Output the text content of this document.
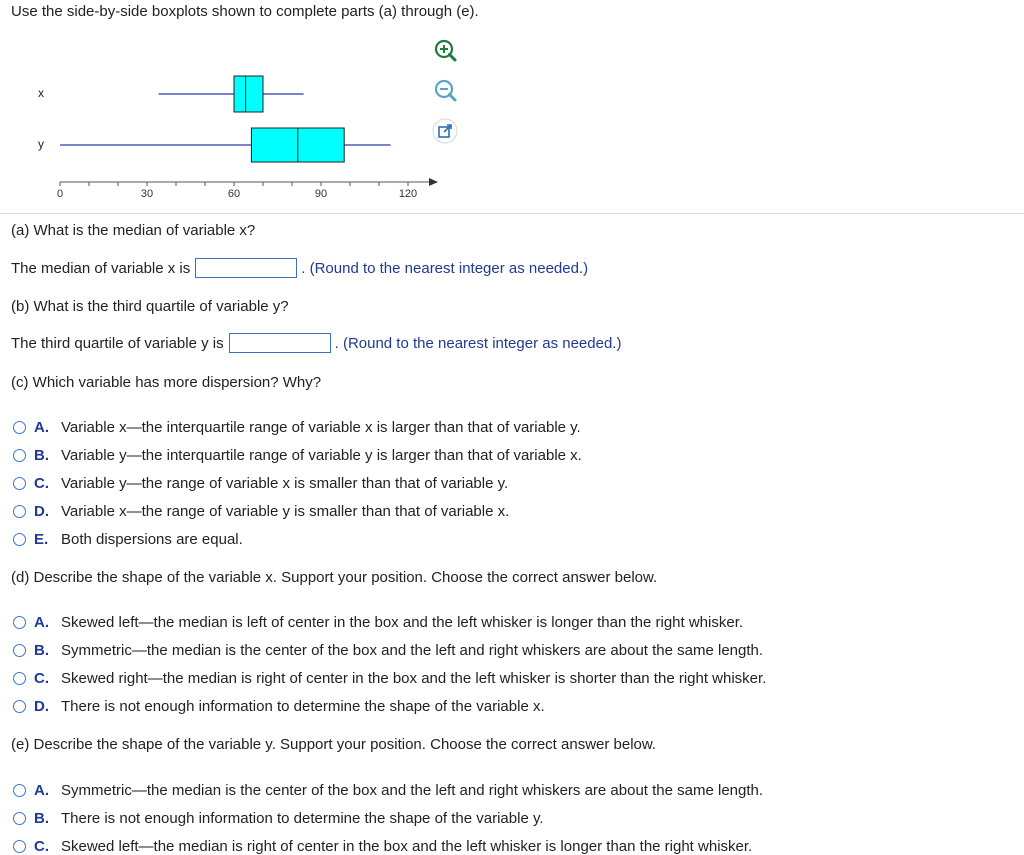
Use the side-by-side boxplots shown to complete parts (a) through (e).
x
y
0	30	60	90	120
(a) What is the median of variable x?
The median of variable x is	. (Round to the nearest integer as needed.)
(b) What is the third quartile of variable y?
The third quartile of variable y is	. (Round to the nearest integer as needed.)
(c) Which variable has more dispersion? Why?
A. Variable x—the interquartile range of variable x is larger than that of variable y.
B. Variable y—the interquartile range of variable y is larger than that of variable x.
C. Variable y—the range of variable x is smaller than that of variable y.
D. Variable x—the range of variable y is smaller than that of variable x.
E. Both dispersions are equal.
(d) Describe the shape of the variable x. Support your position. Choose the correct answer below.
A. Skewed left—the median is left of center in the box and the left whisker is longer than the right whisker.
B. Symmetric—the median is the center of the box and the left and right whiskers are about the same length.
C. Skewed right—the median is right of center in the box and the left whisker is shorter than the right whisker.
D. There is not enough information to determine the shape of the variable x.
(e) Describe the shape of the variable y. Support your position. Choose the correct answer below.
A. Symmetric—the median is the center of the box and the left and right whiskers are about the same length.
B. There is not enough information to determine the shape of the variable y.
C. Skewed left—the median is right of center in the box and the left whisker is longer than the right whisker.
